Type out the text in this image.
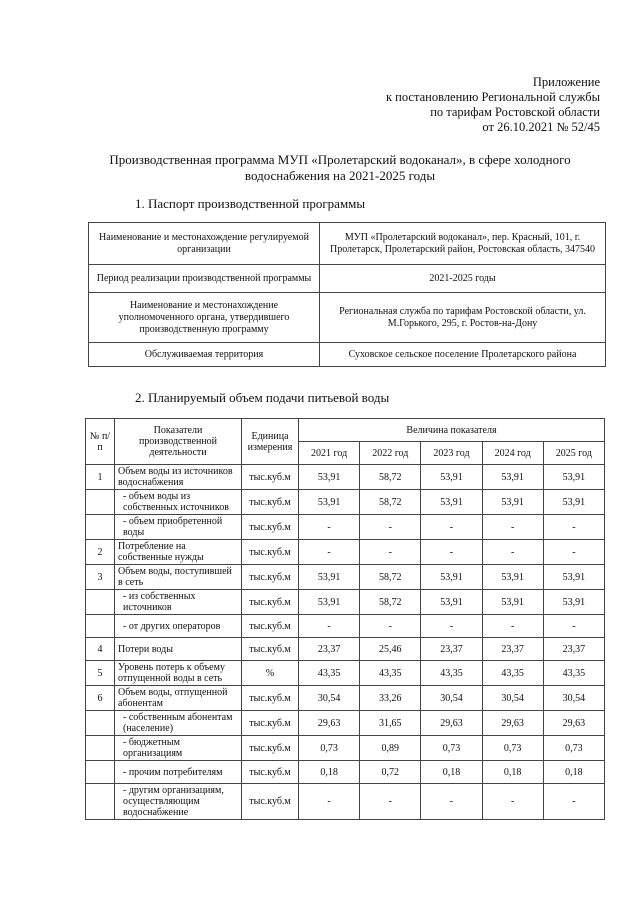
Приложение
к постановлению Региональной службы
по тарифам Ростовской области
от 26.10.2021 № 52/45
Производственная программа МУП «Пролетарский водоканал», в сфере холодного
водоснабжения на 2021-2025 годы
1. Паспорт производственной программы
Наименование и местонахождение регулируемой организации	МУП «Пролетарский водоканал», пер. Красный, 101, г. Пролетарск, Пролетарский район, Ростовская область, 347540
Период реализации производственной программы	2021-2025 годы
Наименование и местонахождение уполномоченного органа, утвердившего производственную программу	Региональная служба по тарифам Ростовской области, ул. М.Горького, 295, г. Ростов-на-Дону
Обслуживаемая территория	Суховское сельское поселение Пролетарского района
2. Планируемый объем подачи питьевой воды
№ п/п	Показатели производственной деятельности	Единица измерения	Величина показателя				
			2021 год	2022 год	2023 год	2024 год	2025 год
1	Объем воды из источников водоснабжения	тыс.куб.м	53,91	58,72	53,91	53,91	53,91
	- объем воды из собственных источников	тыс.куб.м	53,91	58,72	53,91	53,91	53,91
	- объем приобретенной воды	тыс.куб.м	-	-	-	-	-
2	Потребление на собственные нужды	тыс.куб.м	-	-	-	-	-
3	Объем воды, поступившей в сеть	тыс.куб.м	53,91	58,72	53,91	53,91	53,91
	- из собственных источников	тыс.куб.м	53,91	58,72	53,91	53,91	53,91
	- от других операторов	тыс.куб.м	-	-	-	-	-
4	Потери воды	тыс.куб.м	23,37	25,46	23,37	23,37	23,37
5	Уровень потерь к объему отпущенной воды в сеть	%	43,35	43,35	43,35	43,35	43,35
6	Объем воды, отпущенной абонентам	тыс.куб.м	30,54	33,26	30,54	30,54	30,54
	- собственным абонентам (население)	тыс.куб.м	29,63	31,65	29,63	29,63	29,63
	- бюджетным организациям	тыс.куб.м	0,73	0,89	0,73	0,73	0,73
	- прочим потребителям	тыс.куб.м	0,18	0,72	0,18	0,18	0,18
	- другим организациям, осуществляющим водоснабжение	тыс.куб.м	-	-	-	-	-
